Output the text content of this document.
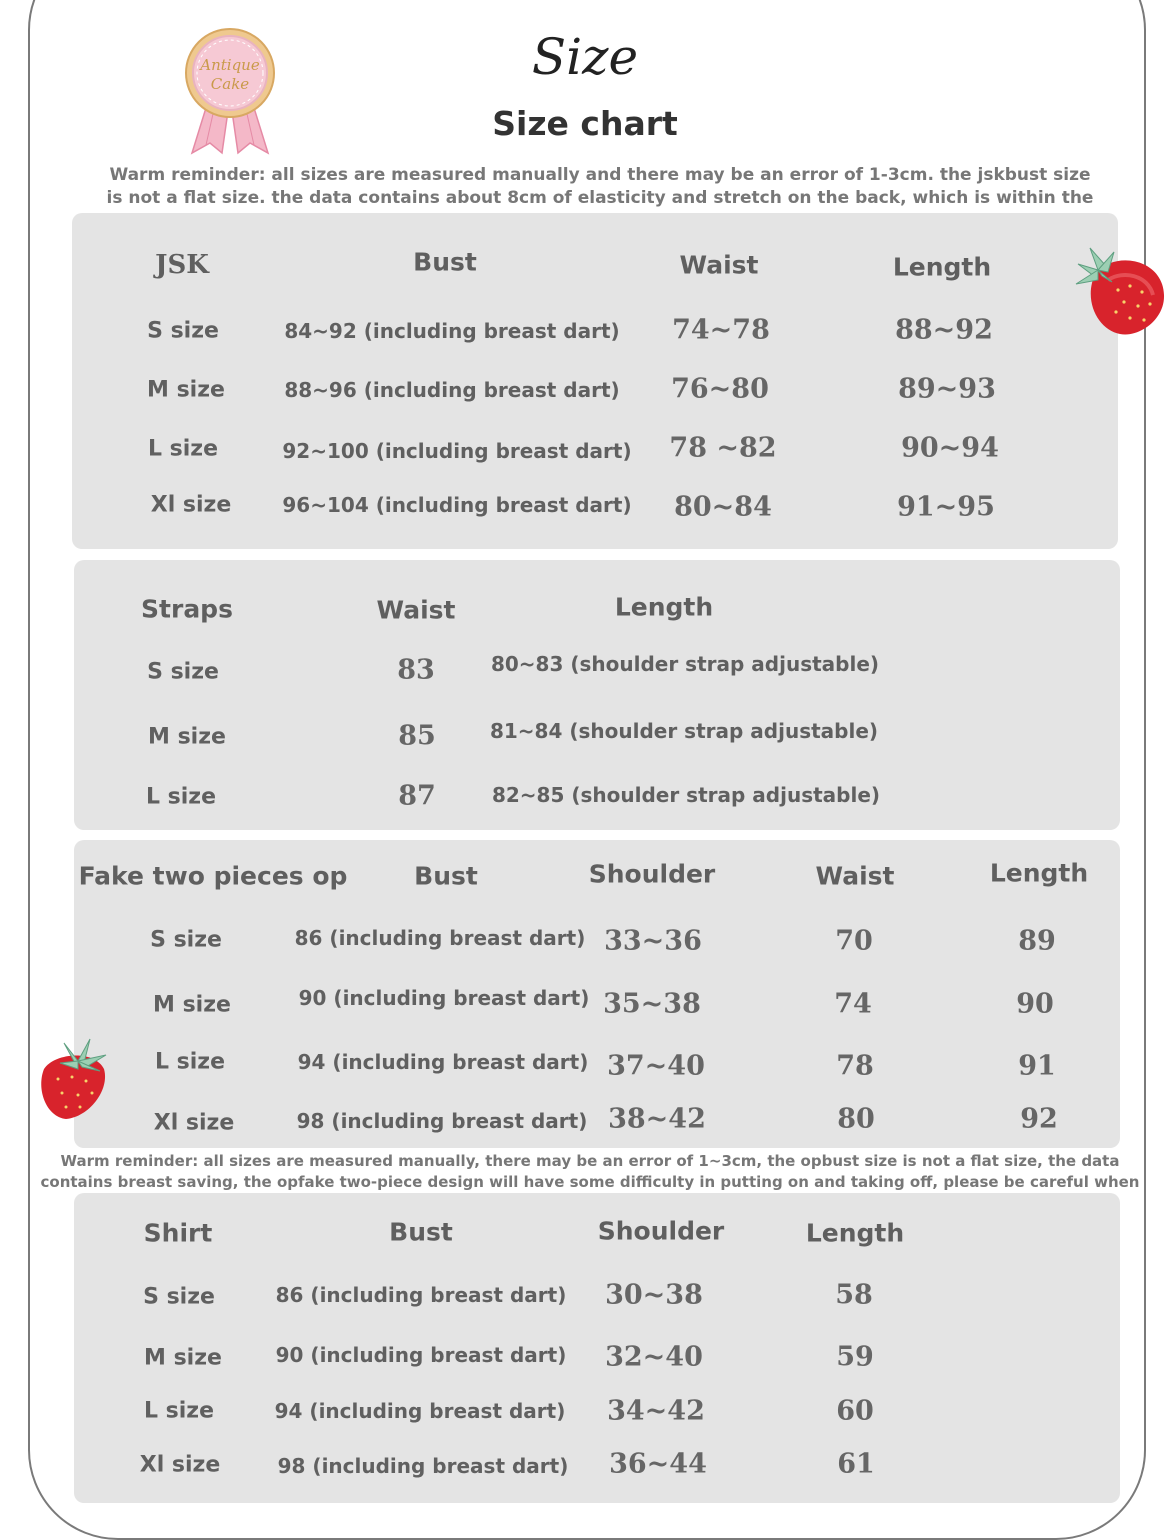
Antique
Cake	Size
Size chart
Warm reminder: all sizes are measured manually and there may be an error of 1-3cm. the jskbust size is not a flat size. the data contains about 8cm of elasticity and stretch on the back, which is within the
JSK	Bust	Waist	Length
S size	84~92 (including breast dart) 74~78	88~92
M size	88~96 (including breast dart) 76~80	89~93
L size	92~100 (including breast dart) 78 ~82	90~94
Xl size	96~104 (including breast dart) 80~84	91~95
Straps	Waist	Length
S size	83	80~83 (shoulder strap adjustable)
M size	85	81~84 (shoulder strap adjustable)
L size	87	82~85 (shoulder strap adjustable)
Fake two pieces op	Bust	Shoulder	Waist	Length
S size	86 (including breast dart) 33~36	70	89
M size	90 (including breast dart) 35~38	74	90
L size	94 (including breast dart) 37~40	78	91
Xl size	98 (including breast dart) 38~42	80	92
Warm reminder: all sizes are measured manually, there may be an error of 1~3cm, the opbust size is not a flat size, the data contains breast saving, the opfake two-piece design will have some difficulty in putting on and taking off, please be careful when
Shirt	Bust	Shoulder	Length
S size	86 (including breast dart) 30~38	58
M size	90 (including breast dart) 32~40	59
L size	94 (including breast dart) 34~42	60
Xl size	98 (including breast dart) 36~44	61
